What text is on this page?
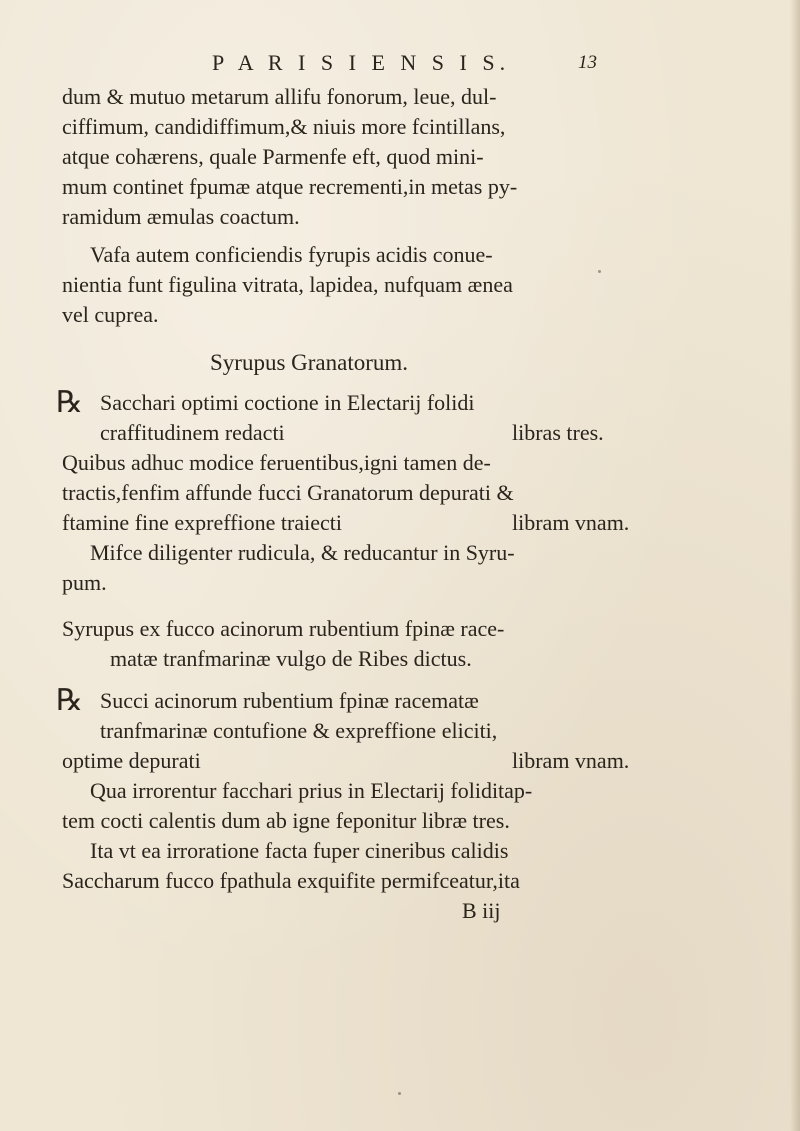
P A R I S I E N S I S.	13
dum & mutuo metarum allifu fonorum, leue, dul-
ciffimum, candidiffimum,& niuis more fcintillans,
atque cohærens, quale Parmenfe eft, quod mini-
mum continet fpumæ atque recrementi,in metas py-
ramidum æmulas coactum.
Vafa autem conficiendis fyrupis acidis conue-
nientia funt figulina vitrata, lapidea, nufquam ænea
vel cuprea.
Syrupus Granatorum.
℞ Sacchari optimi coctione in Electarij folidi
craffitudinem redacti	libras tres.
Quibus adhuc modice feruentibus,igni tamen de-
tractis,fenfim affunde fucci Granatorum depurati &
ftamine fine expreffione traiecti	libram vnam.
Mifce diligenter rudicula, & reducantur in Syru-
pum.
Syrupus ex fucco acinorum rubentium fpinæ race-
matæ tranfmarinæ vulgo de Ribes dictus.
℞ Succi acinorum rubentium fpinæ racematæ
tranfmarinæ contufione & expreffione eliciti,
optime depurati	libram vnam.
Qua irrorentur facchari prius in Electarij foliditap-
tem cocti calentis dum ab igne feponitur libræ tres.
Ita vt ea irroratione facta fuper cineribus calidis
Saccharum fucco fpathula exquifite permifceatur,ita
B iij
